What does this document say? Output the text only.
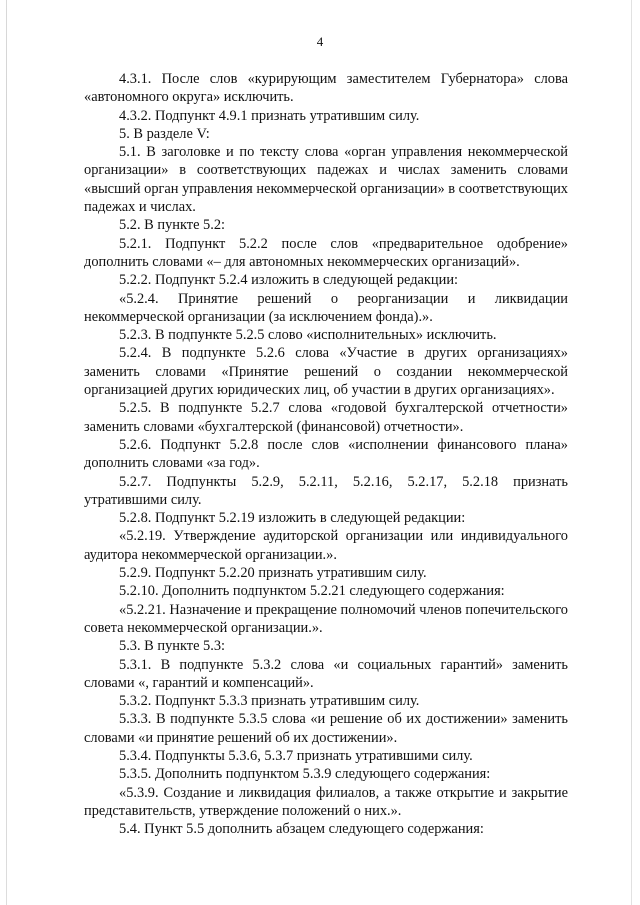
4

4.3.1. После слов «курирующим заместителем Губернатора» слова «автономного округа» исключить.

4.3.2. Подпункт 4.9.1 признать утратившим силу.

5. В разделе V:

5.1. В заголовке и по тексту слова «орган управления некоммерческой организации» в соответствующих падежах и числах заменить словами «высший орган управления некоммерческой организации» в соответствующих падежах и числах.

5.2. В пункте 5.2:

5.2.1. Подпункт 5.2.2 после слов «предварительное одобрение» дополнить словами «– для автономных некоммерческих организаций».

5.2.2. Подпункт 5.2.4 изложить в следующей редакции:

«5.2.4. Принятие решений о реорганизации и ликвидации некоммерческой организации (за исключением фонда).».

5.2.3. В подпункте 5.2.5 слово «исполнительных» исключить.

5.2.4. В подпункте 5.2.6 слова «Участие в других организациях» заменить словами «Принятие решений о создании некоммерческой организацией других юридических лиц, об участии в других организациях».

5.2.5. В подпункте 5.2.7 слова «годовой бухгалтерской отчетности» заменить словами «бухгалтерской (финансовой) отчетности».

5.2.6. Подпункт 5.2.8 после слов «исполнении финансового плана» дополнить словами «за год».

5.2.7. Подпункты 5.2.9, 5.2.11, 5.2.16, 5.2.17, 5.2.18 признать утратившими силу.

5.2.8. Подпункт 5.2.19 изложить в следующей редакции:

«5.2.19. Утверждение аудиторской организации или индивидуального аудитора некоммерческой организации.».

5.2.9. Подпункт 5.2.20 признать утратившим силу.

5.2.10. Дополнить подпунктом 5.2.21 следующего содержания:

«5.2.21. Назначение и прекращение полномочий членов попечительского совета некоммерческой организации.».

5.3. В пункте 5.3:

5.3.1. В подпункте 5.3.2 слова «и социальных гарантий» заменить словами «, гарантий и компенсаций».

5.3.2. Подпункт 5.3.3 признать утратившим силу.

5.3.3. В подпункте 5.3.5 слова «и решение об их достижении» заменить словами «и принятие решений об их достижении».

5.3.4. Подпункты 5.3.6, 5.3.7 признать утратившими силу.

5.3.5. Дополнить подпунктом 5.3.9 следующего содержания:

«5.3.9. Создание и ликвидация филиалов, а также открытие и закрытие представительств, утверждение положений о них.».

5.4. Пункт 5.5 дополнить абзацем следующего содержания:
